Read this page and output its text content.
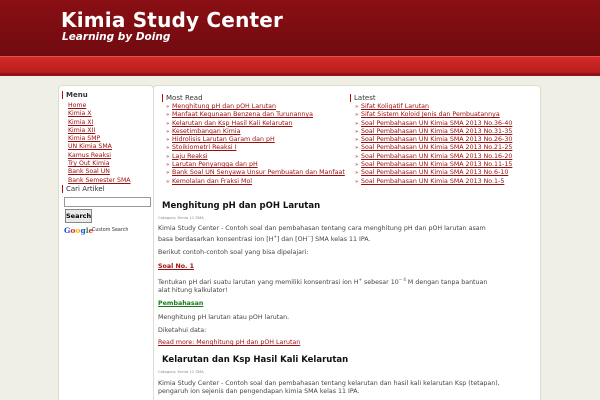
Kimia Study Center
Learning by Doing
Menu
Home
Kimia X
Kimia XI
Kimia XII
Kimia SMP
UN Kimia SMA
Kamus Reaksi
Try Out Kimia
Bank Soal UN
Bank Semester SMA
Cari Artikel
Search
Google
Custom Search
Most Read
» Menghitung pH dan pOH Larutan
» Manfaat Kegunaan Benzena dan Turunannya
» Kelarutan dan Ksp Hasil Kali Kelarutan
» Kesetimbangan Kimia
» Hidrolisis Larutan Garam dan pH
» Stoikiometri Reaksi I
» Laju Reaksi
» Larutan Penyangga dan pH
» Bank Soal UN Senyawa Unsur Pembuatan dan Manfaat
» Kemolalan dan Fraksi Mol
Latest
» Sifat Koligatif Larutan
» Sifat Sistem Koloid Jenis dan Pembuatannya
» Soal Pembahasan UN Kimia SMA 2013 No.36-40
» Soal Pembahasan UN Kimia SMA 2013 No.31-35
» Soal Pembahasan UN Kimia SMA 2013 No.26-30
» Soal Pembahasan UN Kimia SMA 2013 No.21-25
» Soal Pembahasan UN Kimia SMA 2013 No.16-20
» Soal Pembahasan UN Kimia SMA 2013 No.11-15
» Soal Pembahasan UN Kimia SMA 2013 No.6-10
» Soal Pembahasan UN Kimia SMA 2013 No.1-5
Menghitung pH dan pOH Larutan
Category: Kimia 11 SMA
Kimia Study Center - Contoh soal dan pembahasan tentang cara menghitung pH dan pOH larutan asam
basa berdasarkan konsentrasi ion [H+] dan [OH−] SMA kelas 11 IPA.
Berikut contoh-contoh soal yang bisa dipelajari:
Soal No. 1
Tentukan pH dari suatu larutan yang memiliki konsentrasi ion H+ sebesar $10^{- 4}$ M dengan tanpa bantuan
alat hitung kalkulator!
Pembahasan
Menghitung pH larutan atau pOH larutan.
Diketahui data:
Read more: Menghitung pH dan pOH Larutan
Kelarutan dan Ksp Hasil Kali Kelarutan
Category: Kimia 11 SMA
Kimia Study Center - Contoh soal dan pembahasan tentang kelarutan dan hasil kali kelarutan Ksp (tetapan),
pengaruh ion sejenis dan pengendapan kimia SMA kelas 11 IPA.
